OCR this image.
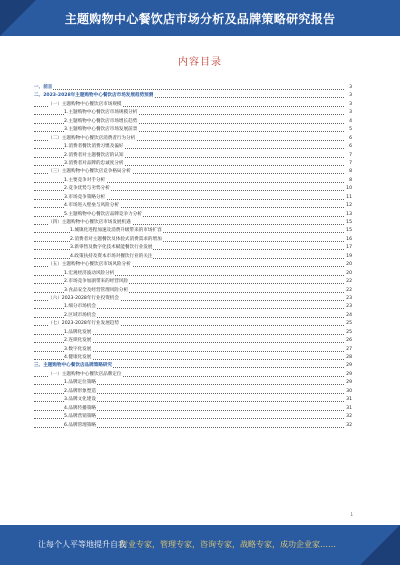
主题购物中心餐饮店市场分析及品牌策略研究报告
内容目录
一、前言	3
二、2023-2028年主题购物中心餐饮店市场发展趋势预测	3
（一）主题购物中心餐饮店市场规模	3
1.主题购物中心餐饮店市场规模分析	3
2.主题购物中心餐饮店市场增长趋势	4
3.主题购物中心餐饮店市场发展前景	5
（二）主题购物中心餐饮店消费者行为分析	6
1.消费者餐饮消费习惯及偏好	6
2.消费者对主题餐饮店的认知	7
3.消费者对品牌的忠诚度分析	7
（三）主题购物中心餐饮店竞争格局分析	8
1.主要竞争对手分析	8
2.竞争优势与劣势分析	10
3.市场竞争策略分析	11
4.市场进入壁垒与风险分析	12
5.主题购物中心餐饮店品牌竞争力分析	13
（四）主题购物中心餐饮店市场发展机遇	15
1.城镇化进程加速及消费升级带来的市场扩容	15
2.消费者对主题餐饮及体验式消费需求的增加	16
3.新零售及数字化技术赋能餐饮行业发展	17
4.政策扶持及资本市场对餐饮行业的关注	19
（五）主题购物中心餐饮店市场风险分析	20
1.宏观经济波动风险分析	20
2.市场竞争加剧带来的经营风险	22
3.食品安全及经营管理风险分析	22
（六）2023-2028年行业投资机会	23
1.细分市场机会	23
2.区域市场机会	24
（七）2023-2028年行业发展趋势	25
1.品牌化发展	25
2.连锁化发展	26
3.数字化发展	27
4.健康化发展	28
三、主题购物中心餐饮店品牌策略研究	29
（一）主题购物中心餐饮店品牌定位	29
1.品牌定位策略	29
2.品牌形象塑造	30
3.品牌文化建设	31
4.品牌传播策略	31
5.品牌营销策略	32
6.品牌管理策略	32
1
让每个人平等地提升自我
行业专家，管理专家，咨询专家，战略专家，成功企业家……
